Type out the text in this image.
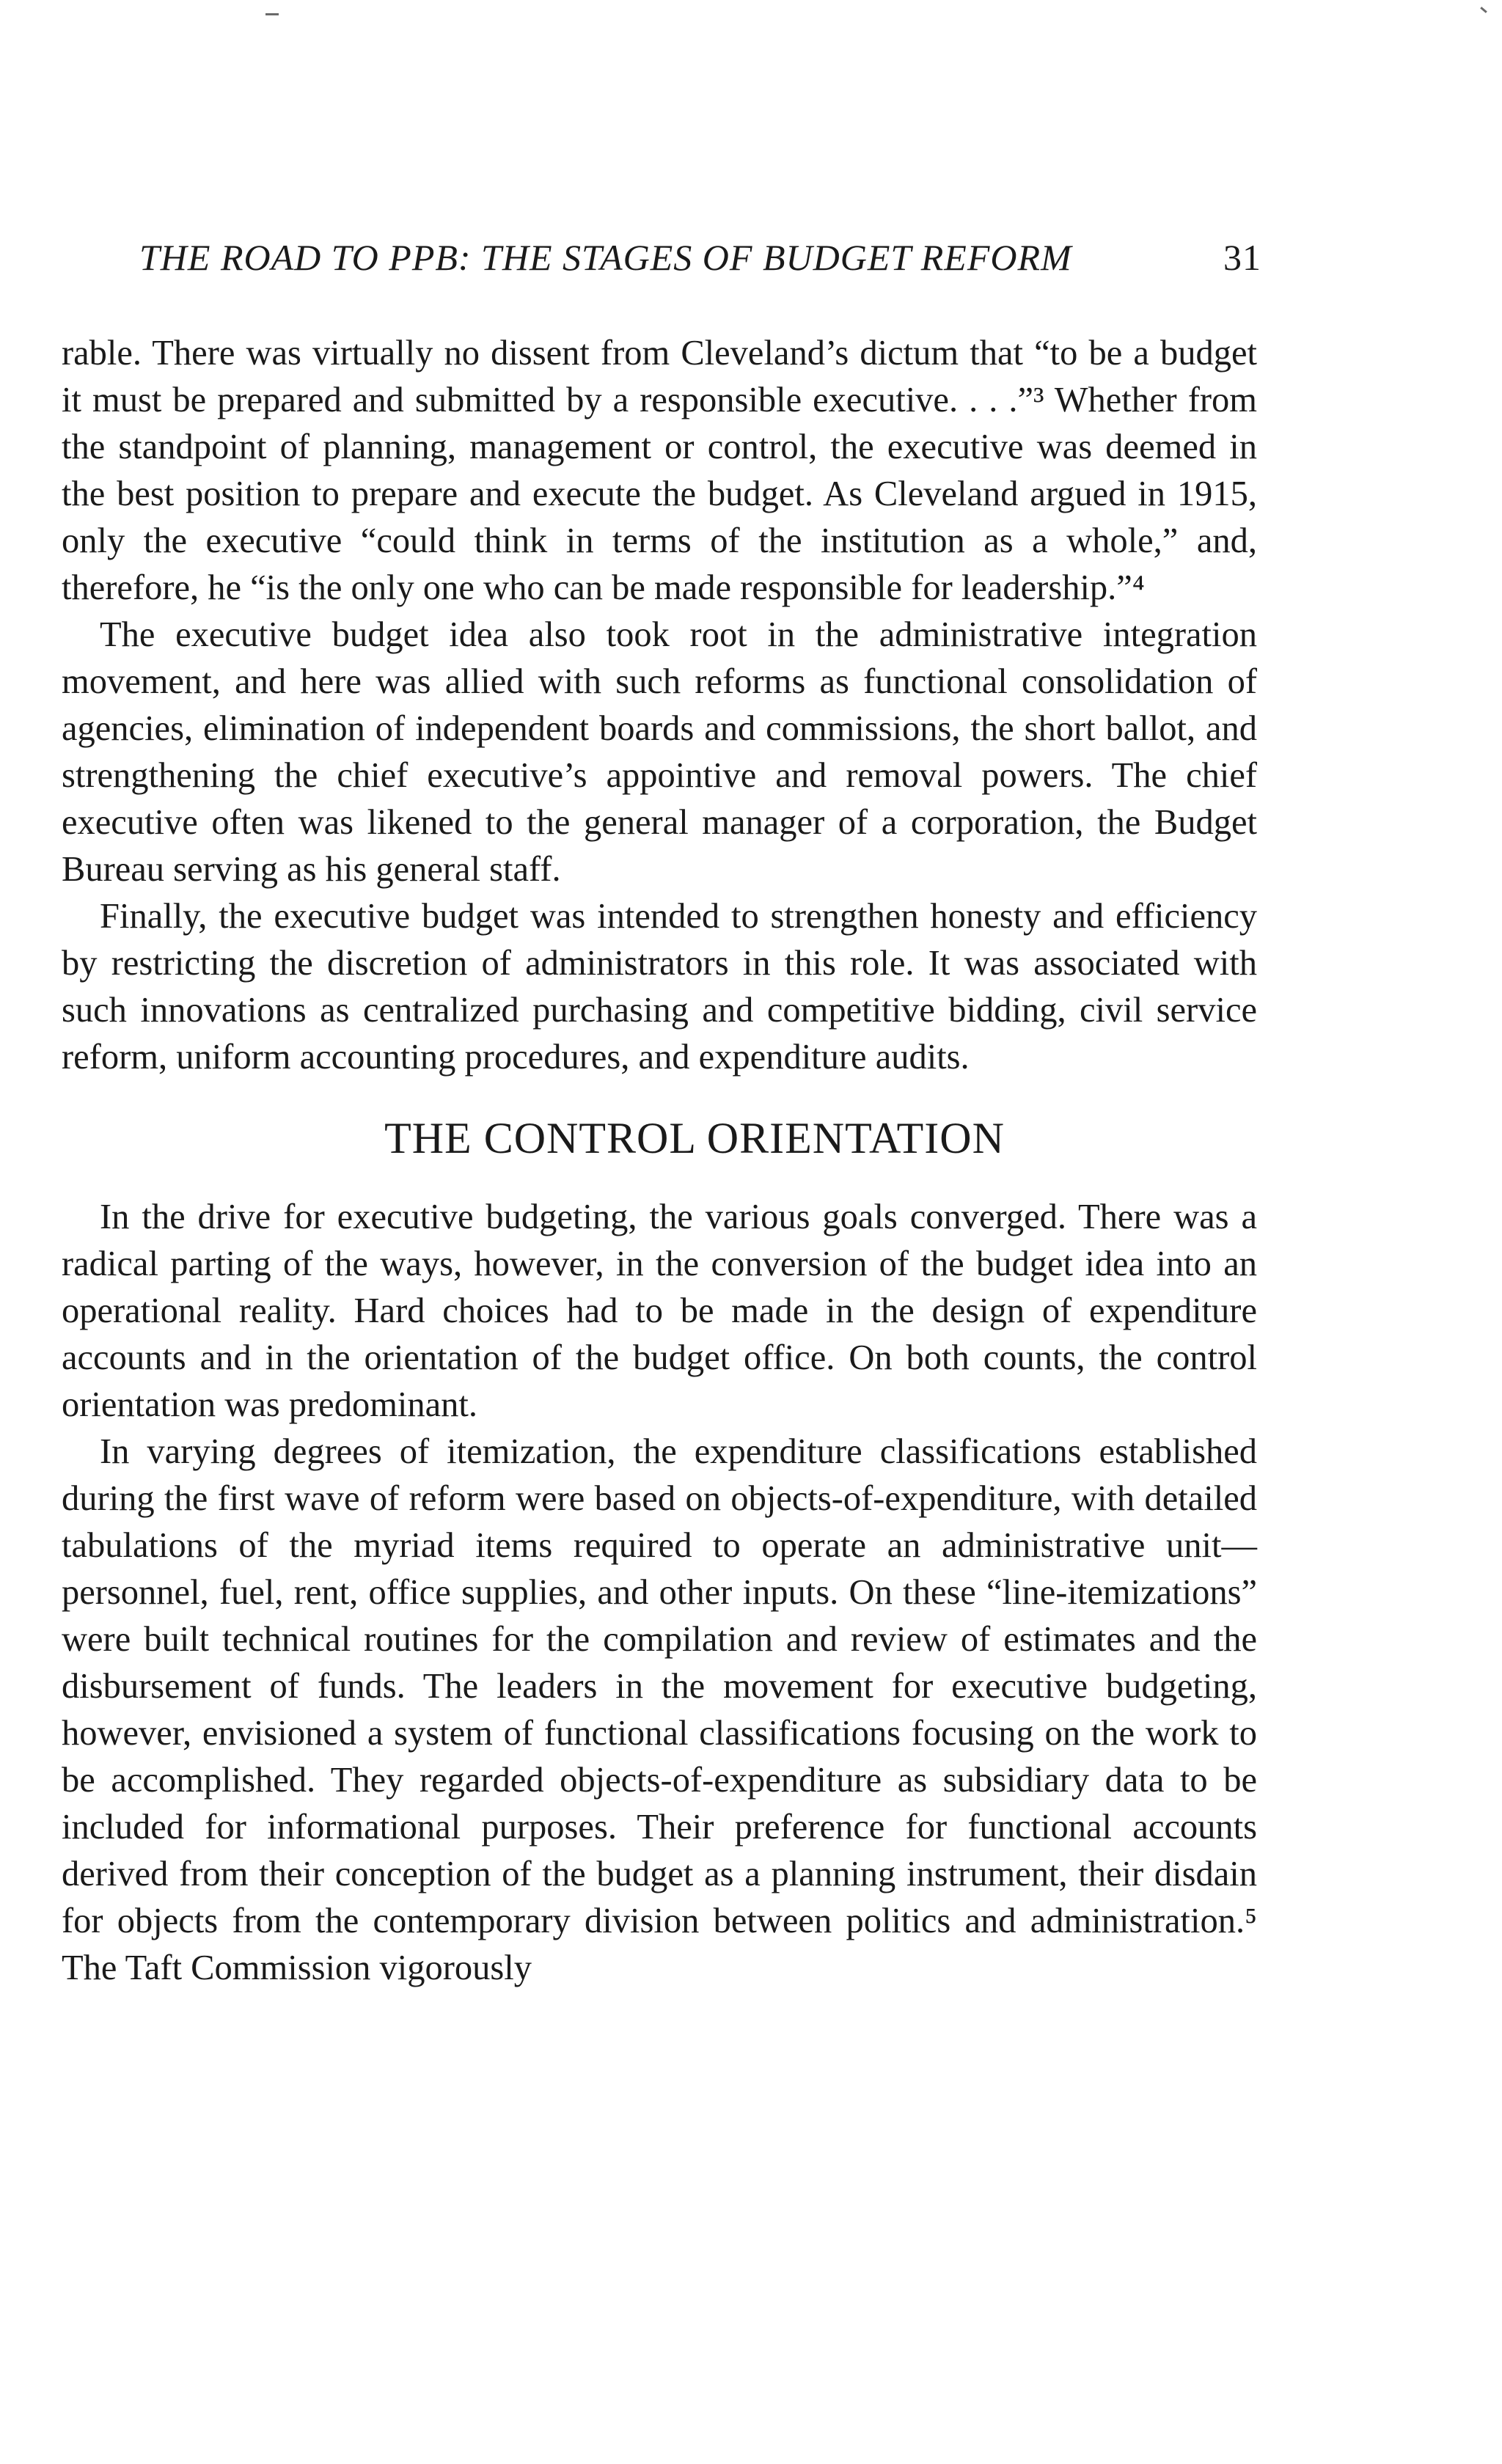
THE ROAD TO PPB: THE STAGES OF BUDGET REFORM	31

rable. There was virtually no dissent from Cleveland’s dictum that “to be a budget it must be prepared and submitted by a responsible executive. . . .”³ Whether from the standpoint of planning, management or control, the executive was deemed in the best position to prepare and execute the budget. As Cleveland argued in 1915, only the executive “could think in terms of the institution as a whole,” and, therefore, he “is the only one who can be made responsible for leadership.”⁴

The executive budget idea also took root in the administrative integration movement, and here was allied with such reforms as functional consolidation of agencies, elimination of independent boards and commissions, the short ballot, and strengthening the chief executive’s appointive and removal powers. The chief executive often was likened to the general manager of a corporation, the Budget Bureau serving as his general staff.

Finally, the executive budget was intended to strengthen honesty and efficiency by restricting the discretion of administrators in this role. It was associated with such innovations as centralized purchasing and competitive bidding, civil service reform, uniform accounting procedures, and expenditure audits.

THE CONTROL ORIENTATION

In the drive for executive budgeting, the various goals converged. There was a radical parting of the ways, however, in the conversion of the budget idea into an operational reality. Hard choices had to be made in the design of expenditure accounts and in the orientation of the budget office. On both counts, the control orientation was predominant.

In varying degrees of itemization, the expenditure classifications established during the first wave of reform were based on objects-of-expenditure, with detailed tabulations of the myriad items required to operate an administrative unit—personnel, fuel, rent, office supplies, and other inputs. On these “line-itemizations” were built technical routines for the compilation and review of estimates and the disbursement of funds. The leaders in the movement for executive budgeting, however, envisioned a system of functional classifications focusing on the work to be accomplished. They regarded objects-of-expenditure as subsidiary data to be included for informational purposes. Their preference for functional accounts derived from their conception of the budget as a planning instrument, their disdain for objects from the contemporary division between politics and administration.⁵ The Taft Commission vigorously
